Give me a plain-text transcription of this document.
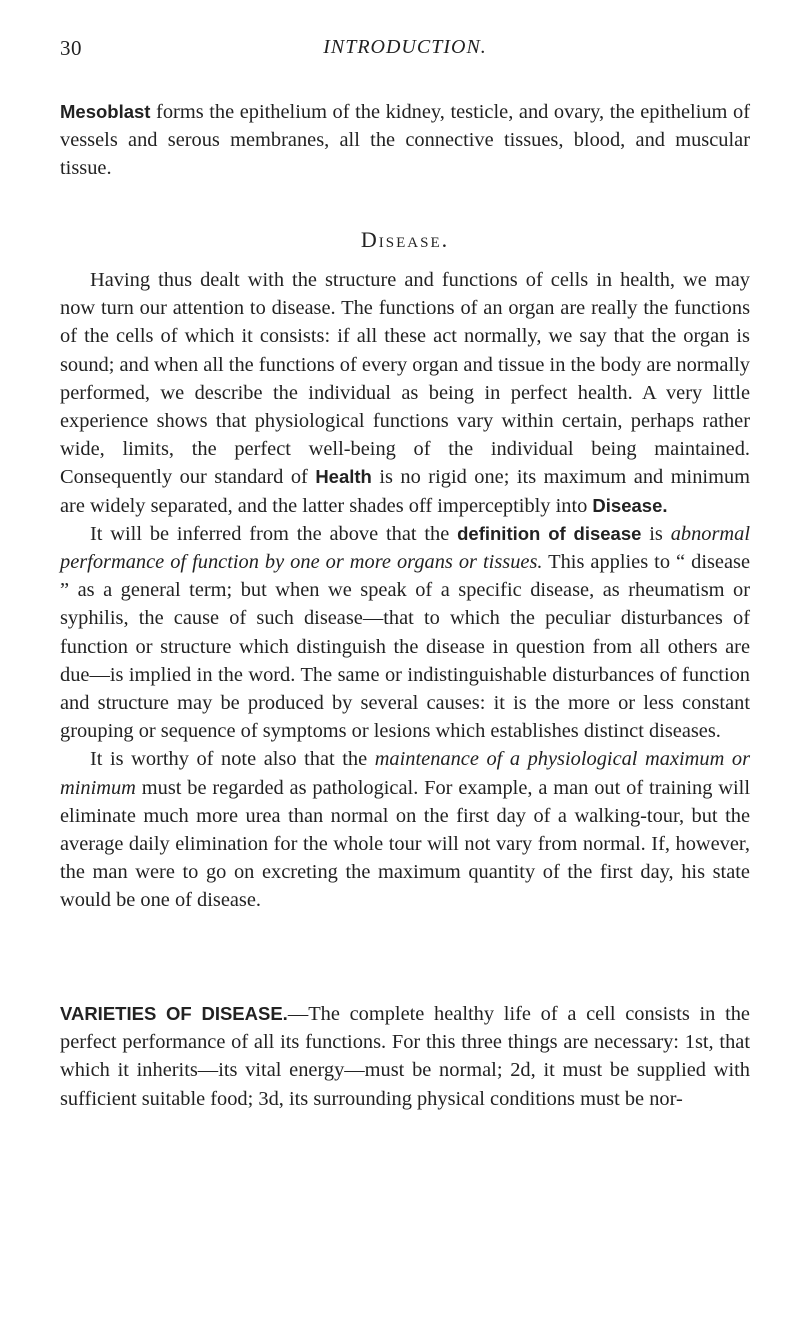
30	INTRODUCTION.

Mesoblast forms the epithelium of the kidney, testicle, and ovary, the epithelium of vessels and serous membranes, all the connective tissues, blood, and muscular tissue.

Disease.

Having thus dealt with the structure and functions of cells in health, we may now turn our attention to disease. The functions of an organ are really the functions of the cells of which it consists: if all these act normally, we say that the organ is sound; and when all the functions of every organ and tissue in the body are normally performed, we describe the individual as being in perfect health. A very little experience shows that physiological functions vary within certain, perhaps rather wide, limits, the perfect well-being of the individual being maintained. Consequently our standard of Health is no rigid one; its maximum and minimum are widely separated, and the latter shades off imperceptibly into Disease.

It will be inferred from the above that the definition of disease is abnormal performance of function by one or more organs or tissues. This applies to “ disease ” as a general term; but when we speak of a specific disease, as rheumatism or syphilis, the cause of such disease—that to which the peculiar disturbances of function or structure which distinguish the disease in question from all others are due—is implied in the word. The same or indistinguishable disturbances of function and structure may be produced by several causes: it is the more or less constant grouping or sequence of symptoms or lesions which establishes distinct diseases.

It is worthy of note also that the maintenance of a physiological maximum or minimum must be regarded as pathological. For example, a man out of training will eliminate much more urea than normal on the first day of a walking-tour, but the average daily elimination for the whole tour will not vary from normal. If, however, the man were to go on excreting the maximum quantity of the first day, his state would be one of disease.

VARIETIES OF DISEASE.—The complete healthy life of a cell consists in the perfect performance of all its functions. For this three things are necessary: 1st, that which it inherits—its vital energy—must be normal; 2d, it must be supplied with sufficient suitable food; 3d, its surrounding physical conditions must be nor-
